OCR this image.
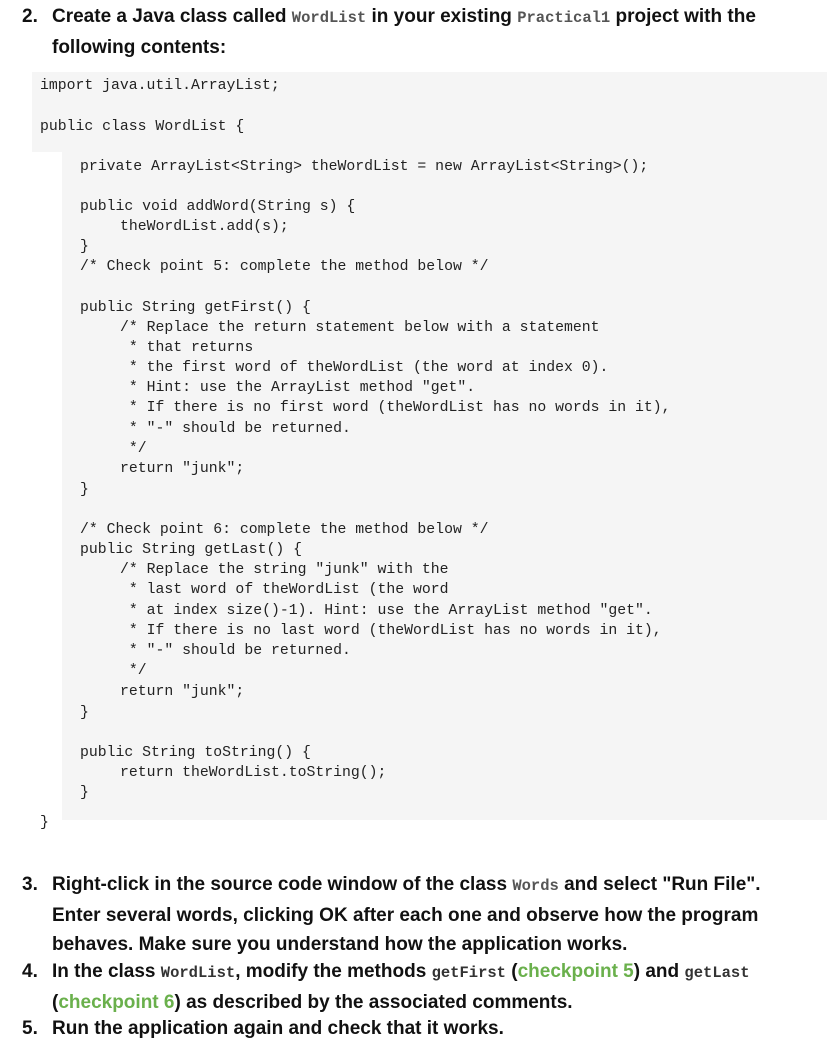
2. Create a Java class called WordList in your existing Practical1 project with the following contents:
import java.util.ArrayList;
public class WordList {
private ArrayList<String> theWordList = new ArrayList<String>();
public void addWord(String s) {
theWordList.add(s);
}
/* Check point 5: complete the method below */
public String getFirst() {
/* Replace the return statement below with a statement
* that returns
* the first word of theWordList (the word at index 0).
* Hint: use the ArrayList method "get".
* If there is no first word (theWordList has no words in it),
* "-" should be returned.
*/
return "junk";
}
/* Check point 6: complete the method below */
public String getLast() {
/* Replace the string "junk" with the
* last word of theWordList (the word
* at index size()-1). Hint: use the ArrayList method "get".
* If there is no last word (theWordList has no words in it),
* "-" should be returned.
*/
return "junk";
}
public String toString() {
return theWordList.toString();
}
}
3. Right-click in the source code window of the class Words and select "Run File". Enter several words, clicking OK after each one and observe how the program behaves. Make sure you understand how the application works.
4. In the class WordList, modify the methods getFirst (checkpoint 5) and getLast
(checkpoint 6) as described by the associated comments.
5. Run the application again and check that it works.
